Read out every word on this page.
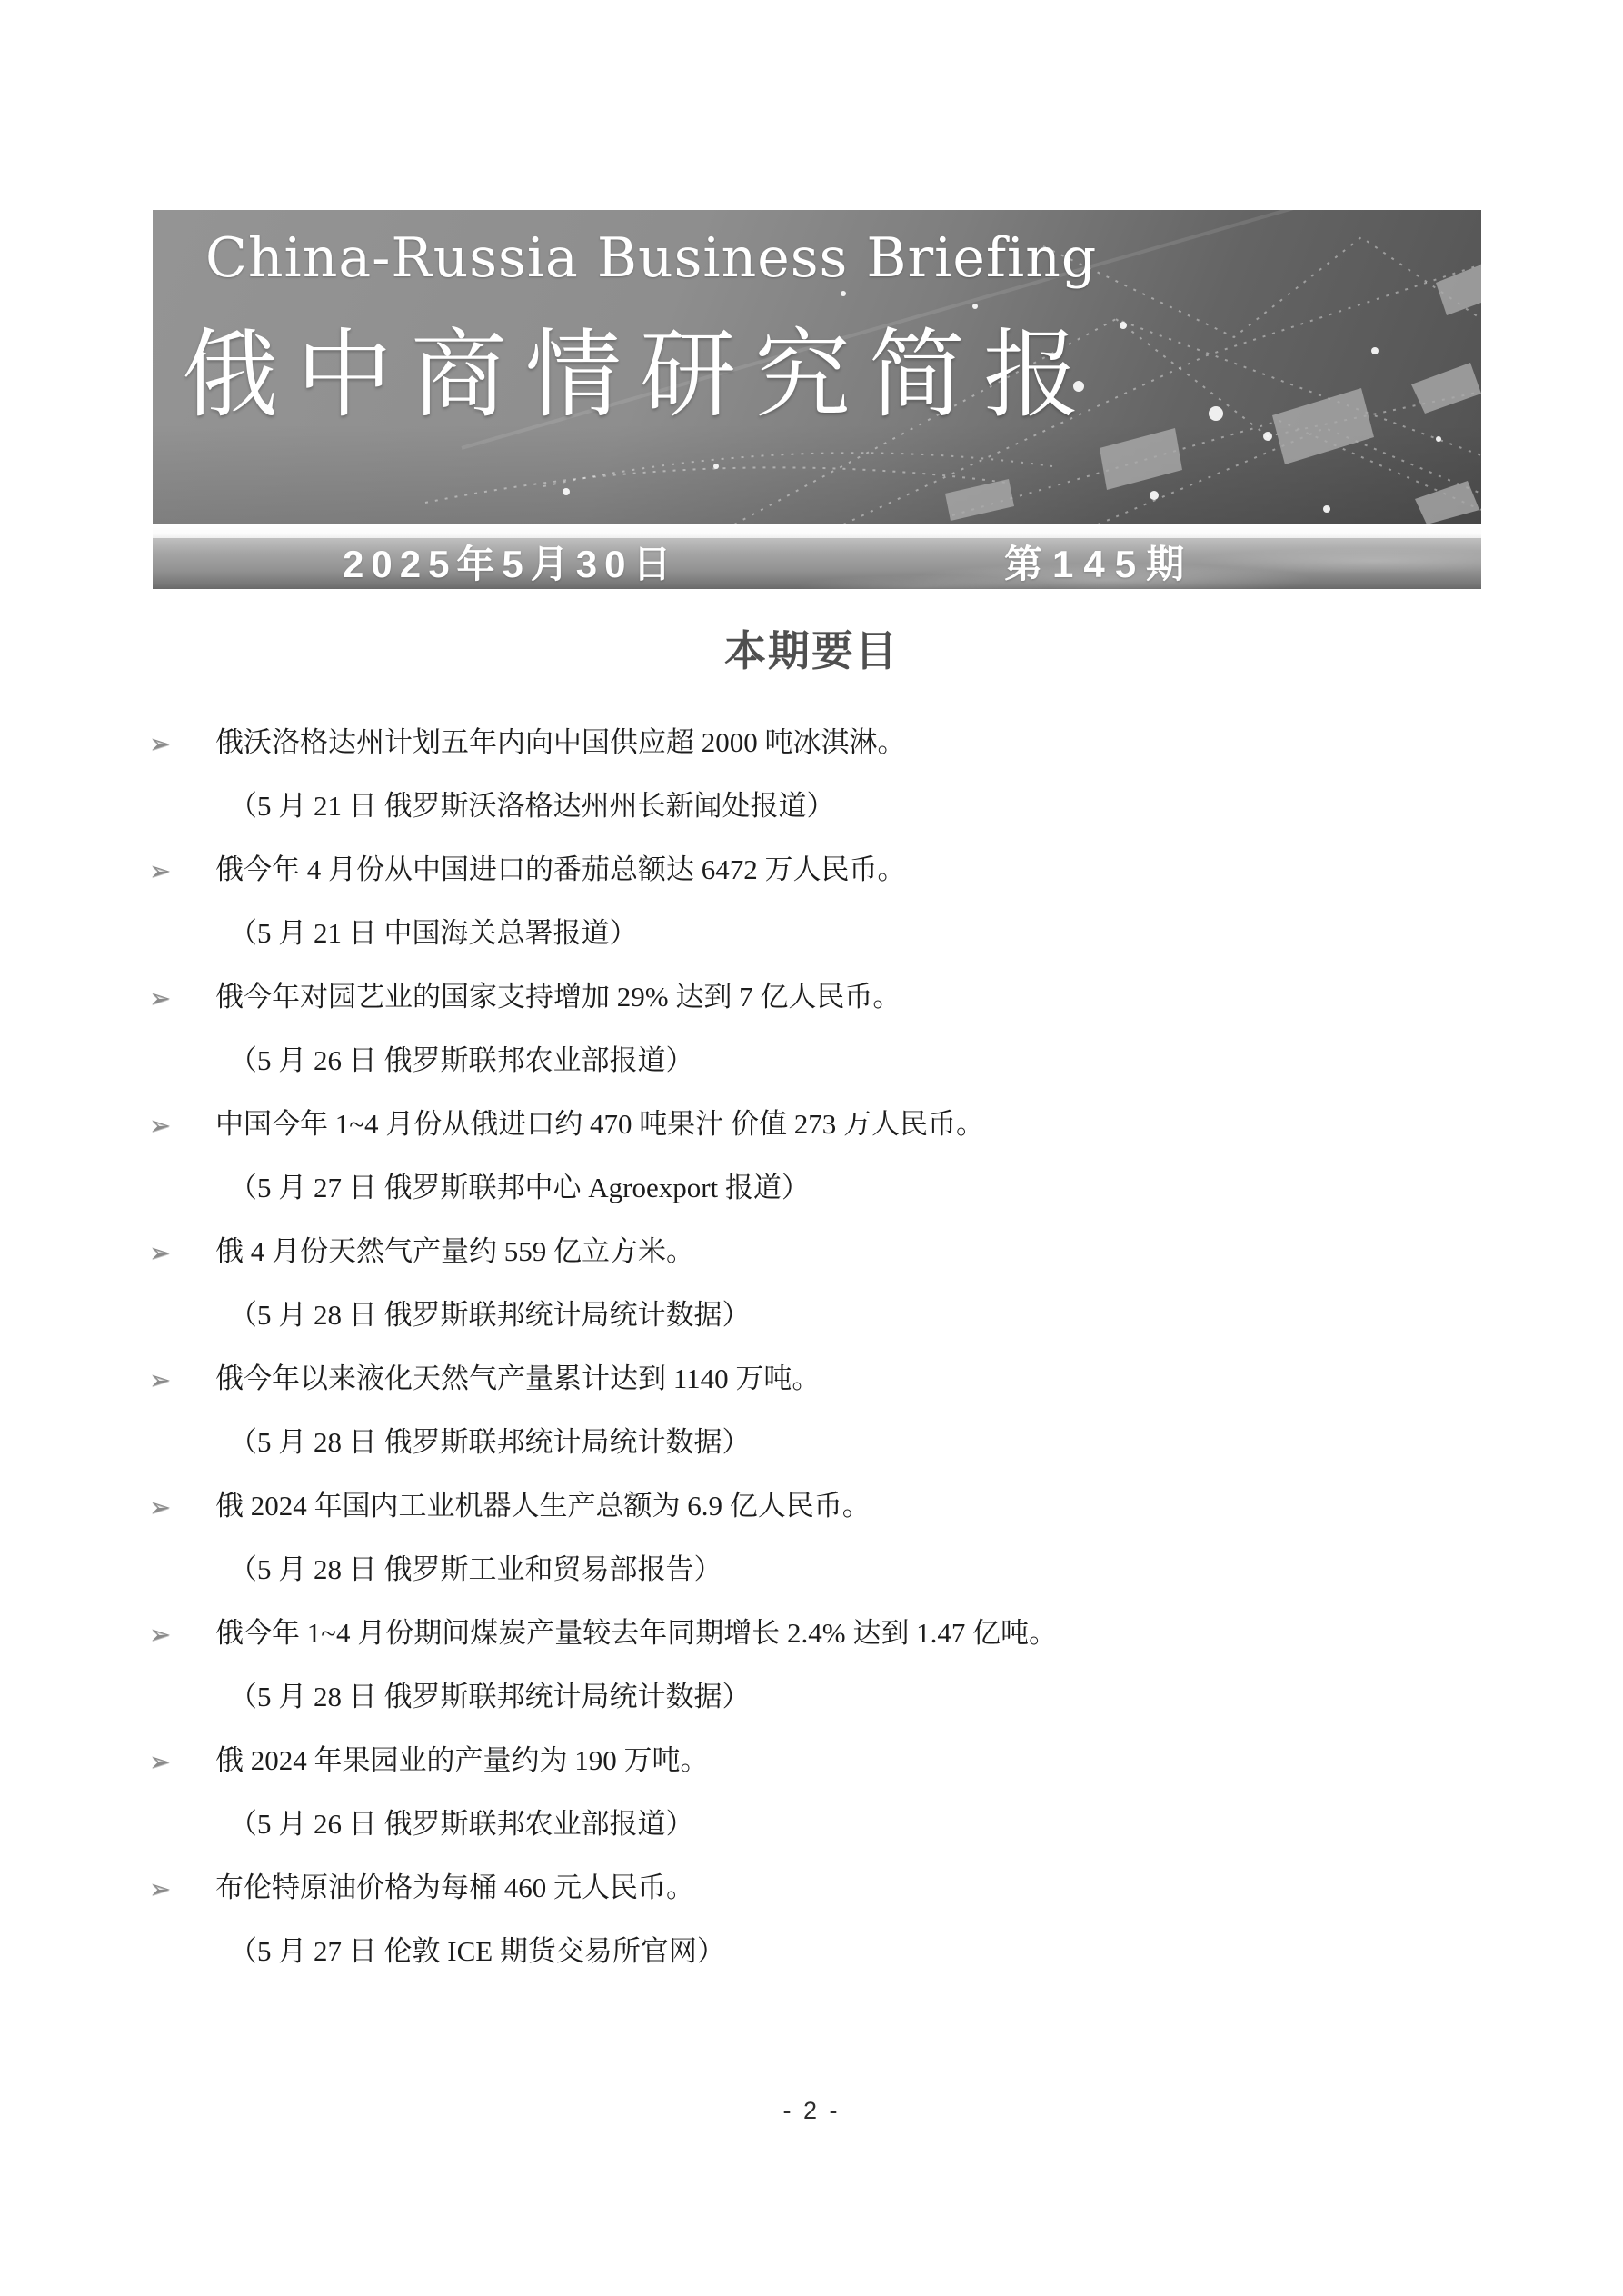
China-Russia Business Briefing
俄中商情研究简报
2025年5月30日	第145期
本期要目
➢ 俄沃洛格达州计划五年内向中国供应超 2000 吨冰淇淋。
（5 月 21 日 俄罗斯沃洛格达州州长新闻处报道）
➢ 俄今年 4 月份从中国进口的番茄总额达 6472 万人民币。
（5 月 21 日 中国海关总署报道）
➢ 俄今年对园艺业的国家支持增加 29% 达到 7 亿人民币。
（5 月 26 日 俄罗斯联邦农业部报道）
➢ 中国今年 1~4 月份从俄进口约 470 吨果汁 价值 273 万人民币。
（5 月 27 日 俄罗斯联邦中心 Agroexport 报道）
➢ 俄 4 月份天然气产量约 559 亿立方米。
（5 月 28 日 俄罗斯联邦统计局统计数据）
➢ 俄今年以来液化天然气产量累计达到 1140 万吨。
（5 月 28 日 俄罗斯联邦统计局统计数据）
➢ 俄 2024 年国内工业机器人生产总额为 6.9 亿人民币。
（5 月 28 日 俄罗斯工业和贸易部报告）
➢ 俄今年 1~4 月份期间煤炭产量较去年同期增长 2.4% 达到 1.47 亿吨。
（5 月 28 日 俄罗斯联邦统计局统计数据）
➢ 俄 2024 年果园业的产量约为 190 万吨。
（5 月 26 日 俄罗斯联邦农业部报道）
➢ 布伦特原油价格为每桶 460 元人民币。
（5 月 27 日 伦敦 ICE 期货交易所官网）
- 2 -
